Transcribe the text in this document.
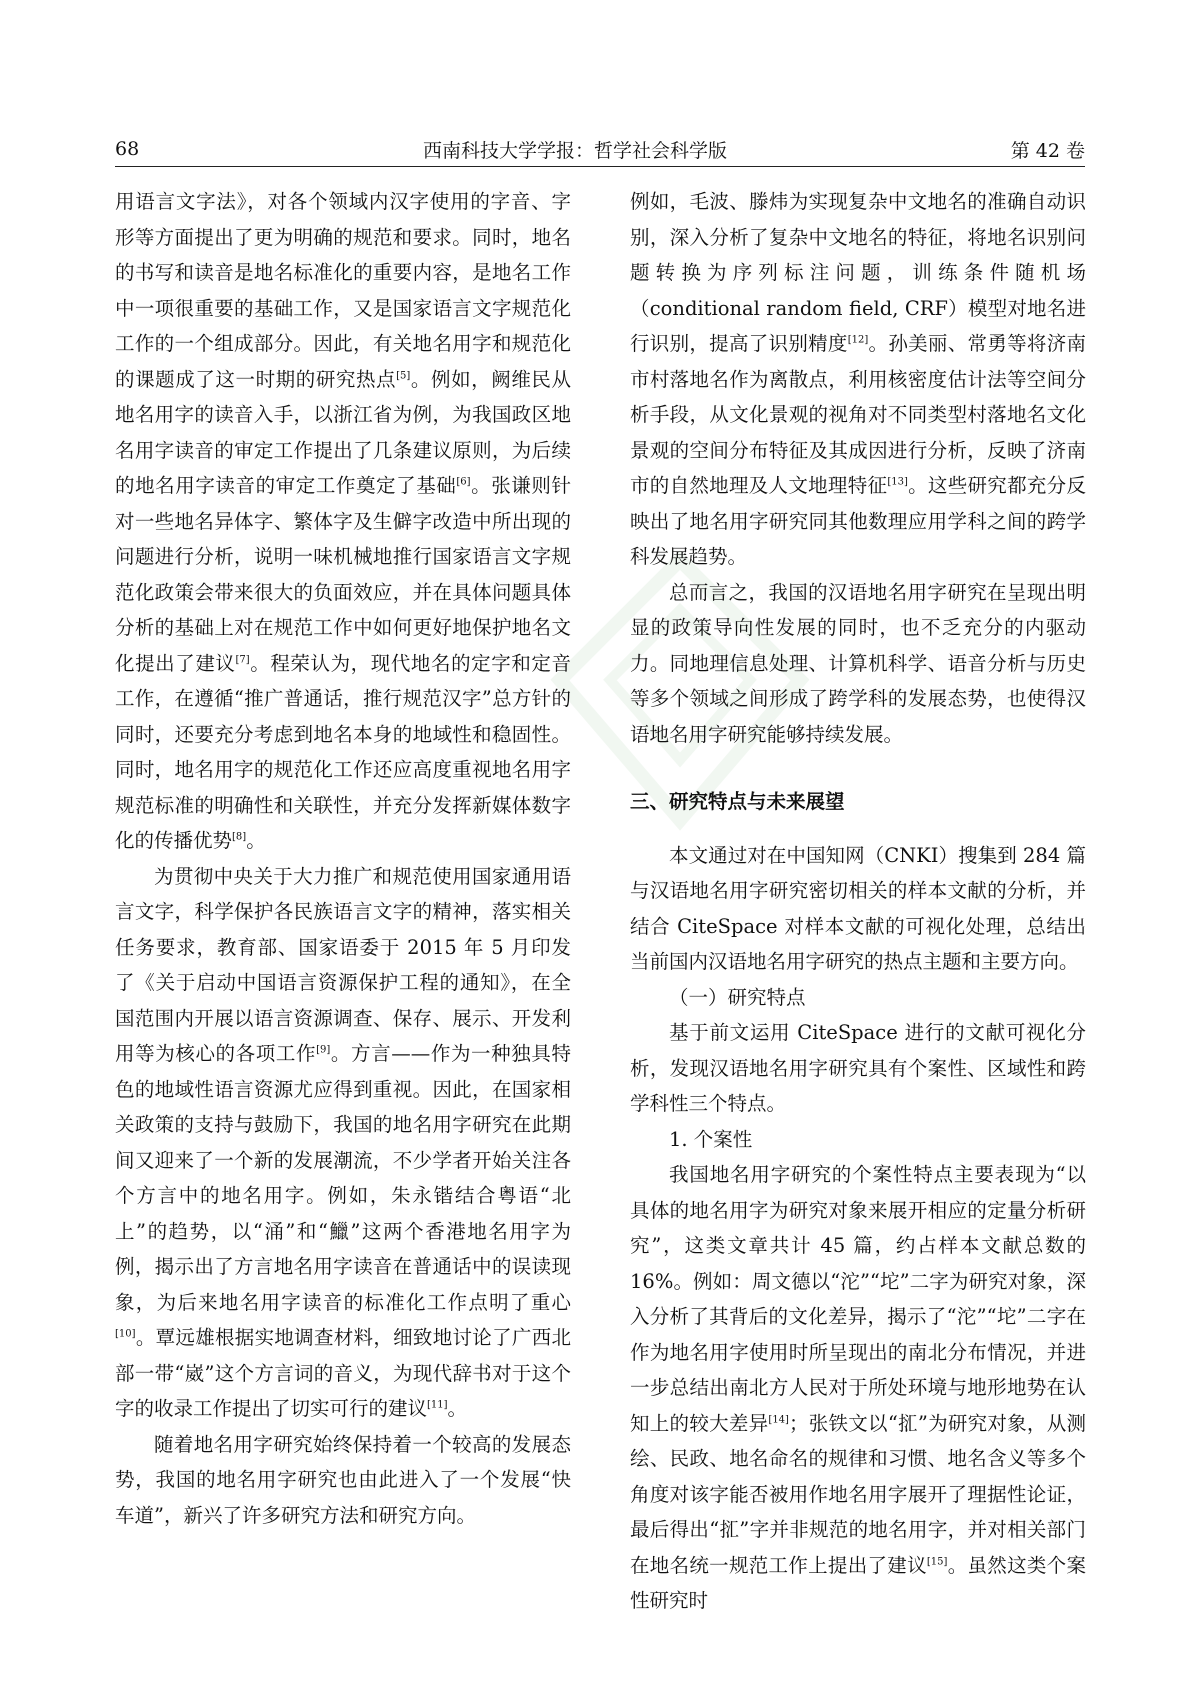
68	西南科技大学学报：哲学社会科学版	第 42 卷

用语言文字法》，对各个领域内汉字使用的字音、字形等方面提出了更为明确的规范和要求。同时，地名的书写和读音是地名标准化的重要内容，是地名工作中一项很重要的基础工作，又是国家语言文字规范化工作的一个组成部分。因此，有关地名用字和规范化的课题成了这一时期的研究热点[5]。例如，阙维民从地名用字的读音入手，以浙江省为例，为我国政区地名用字读音的审定工作提出了几条建议原则，为后续的地名用字读音的审定工作奠定了基础[6]。张谦则针对一些地名异体字、繁体字及生僻字改造中所出现的问题进行分析，说明一味机械地推行国家语言文字规范化政策会带来很大的负面效应，并在具体问题具体分析的基础上对在规范工作中如何更好地保护地名文化提出了建议[7]。程荣认为，现代地名的定字和定音工作，在遵循“推广普通话，推行规范汉字”总方针的同时，还要充分考虑到地名本身的地域性和稳固性。同时，地名用字的规范化工作还应高度重视地名用字规范标准的明确性和关联性，并充分发挥新媒体数字化的传播优势[8]。

为贯彻中央关于大力推广和规范使用国家通用语言文字，科学保护各民族语言文字的精神，落实相关任务要求，教育部、国家语委于 2015 年 5 月印发了《关于启动中国语言资源保护工程的通知》，在全国范围内开展以语言资源调查、保存、展示、开发利用等为核心的各项工作[9]。方言——作为一种独具特色的地域性语言资源尤应得到重视。因此，在国家相关政策的支持与鼓励下，我国的地名用字研究在此期间又迎来了一个新的发展潮流，不少学者开始关注各个方言中的地名用字。例如，朱永锴结合粤语“北上”的趋势，以“涌”和“鱲”这两个香港地名用字为例，揭示出了方言地名用字读音在普通话中的误读现象，为后来地名用字读音的标准化工作点明了重心[10]。覃远雄根据实地调查材料，细致地讨论了广西北部一带“崴”这个方言词的音义，为现代辞书对于这个字的收录工作提出了切实可行的建议[11]。

随着地名用字研究始终保持着一个较高的发展态势，我国的地名用字研究也由此进入了一个发展“快车道”，新兴了许多研究方法和研究方向。

例如，毛波、滕炜为实现复杂中文地名的准确自动识别，深入分析了复杂中文地名的特征，将地名识别问题转换为序列标注问题，训练条件随机场（conditional random field, CRF）模型对地名进行识别，提高了识别精度[12]。孙美丽、常勇等将济南市村落地名作为离散点，利用核密度估计法等空间分析手段，从文化景观的视角对不同类型村落地名文化景观的空间分布特征及其成因进行分析，反映了济南市的自然地理及人文地理特征[13]。这些研究都充分反映出了地名用字研究同其他数理应用学科之间的跨学科发展趋势。

总而言之，我国的汉语地名用字研究在呈现出明显的政策导向性发展的同时，也不乏充分的内驱动力。同地理信息处理、计算机科学、语音分析与历史等多个领域之间形成了跨学科的发展态势，也使得汉语地名用字研究能够持续发展。

三、研究特点与未来展望

本文通过对在中国知网（CNKI）搜集到 284 篇与汉语地名用字研究密切相关的样本文献的分析，并结合 CiteSpace 对样本文献的可视化处理，总结出当前国内汉语地名用字研究的热点主题和主要方向。

（一）研究特点

基于前文运用 CiteSpace 进行的文献可视化分析，发现汉语地名用字研究具有个案性、区域性和跨学科性三个特点。

1. 个案性

我国地名用字研究的个案性特点主要表现为“以具体的地名用字为研究对象来展开相应的定量分析研究”，这类文章共计 45 篇，约占样本文献总数的 16%。例如：周文德以“沱”“坨”二字为研究对象，深入分析了其背后的文化差异，揭示了“沱”“坨”二字在作为地名用字使用时所呈现出的南北分布情况，并进一步总结出南北方人民对于所处环境与地形地势在认知上的较大差异[14]；张铁文以“㧟”为研究对象，从测绘、民政、地名命名的规律和习惯、地名含义等多个角度对该字能否被用作地名用字展开了理据性论证，最后得出“㧟”字并非规范的地名用字，并对相关部门在地名统一规范工作上提出了建议[15]。虽然这类个案性研究时
